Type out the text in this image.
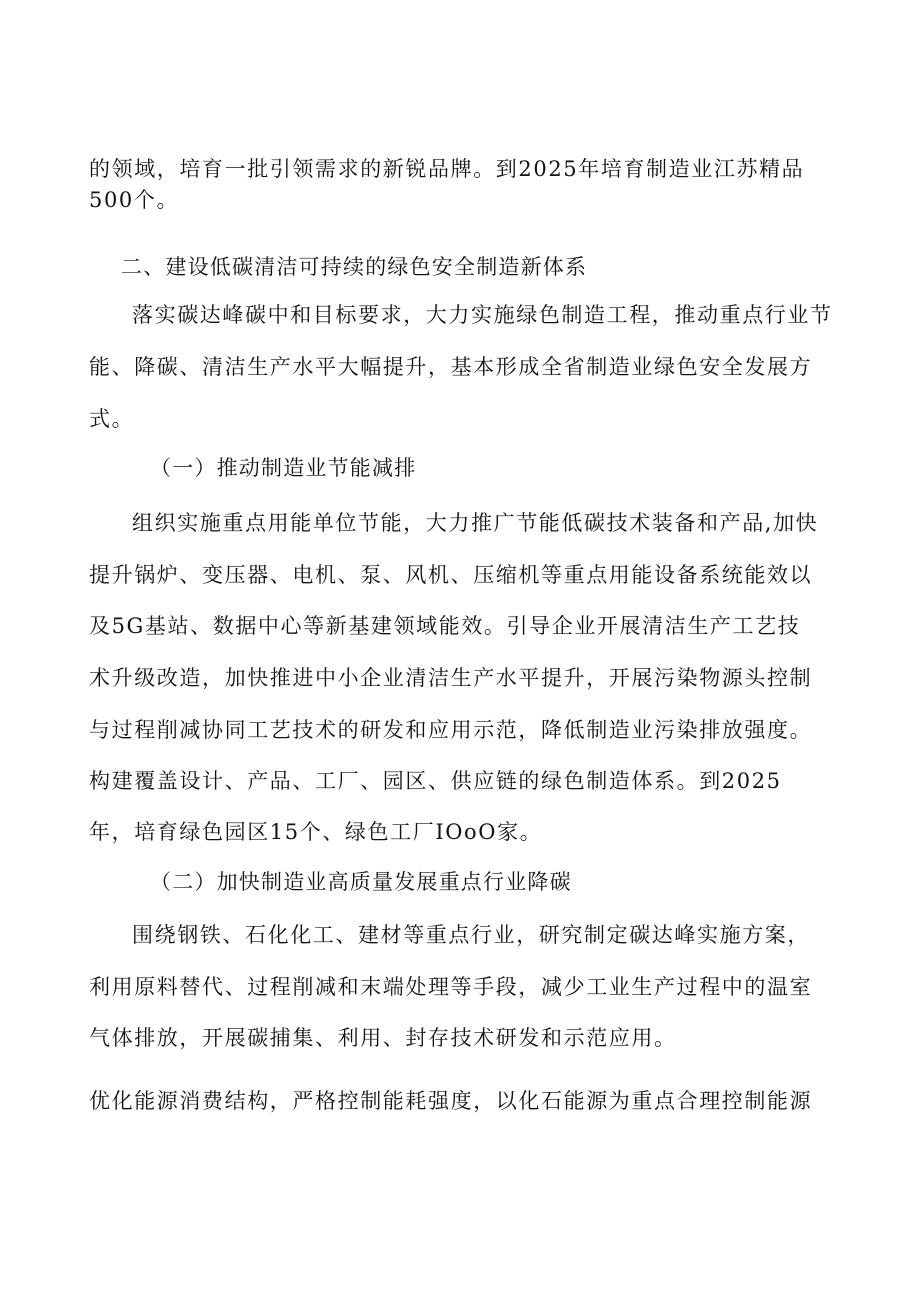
的领域，培育一批引领需求的新锐品牌。到2025年培育制造业江苏精品

500个。

二、建设低碳清洁可持续的绿色安全制造新体系

落实碳达峰碳中和目标要求，大力实施绿色制造工程，推动重点行业节

能、降碳、清洁生产水平大幅提升，基本形成全省制造业绿色安全发展方

式。

（一）推动制造业节能减排

组织实施重点用能单位节能，大力推广节能低碳技术装备和产品,加快

提升锅炉、变压器、电机、泵、风机、压缩机等重点用能设备系统能效以

及5G基站、数据中心等新基建领域能效。引导企业开展清洁生产工艺技

术升级改造，加快推进中小企业清洁生产水平提升，开展污染物源头控制

与过程削减协同工艺技术的研发和应用示范，降低制造业污染排放强度。

构建覆盖设计、产品、工厂、园区、供应链的绿色制造体系。到2025

年，培育绿色园区15个、绿色工厂IOoO家。

（二）加快制造业高质量发展重点行业降碳

围绕钢铁、石化化工、建材等重点行业，研究制定碳达峰实施方案，

利用原料替代、过程削减和末端处理等手段，减少工业生产过程中的温室

气体排放，开展碳捕集、利用、封存技术研发和示范应用。

优化能源消费结构，严格控制能耗强度，以化石能源为重点合理控制能源
